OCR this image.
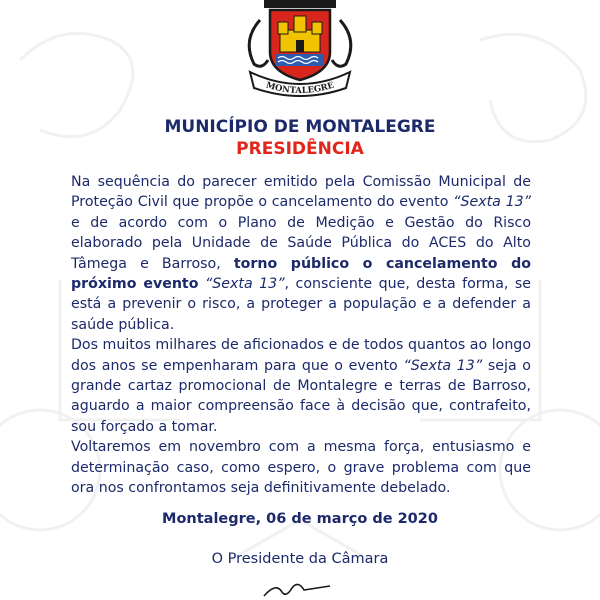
MONTALEGRE
MUNICÍPIO DE MONTALEGRE
PRESIDÊNCIA

Na sequência do parecer emitido pela Comissão Municipal de Proteção Civil que propõe o cancelamento do evento “Sexta 13” e de acordo com o Plano de Medição e Gestão do Risco elaborado pela Unidade de Saúde Pública do ACES do Alto Tâmega e Barroso, torno público o cancelamento do próximo evento “Sexta 13”, consciente que, desta forma, se está a prevenir o risco, a proteger a população e a defender a saúde pública.

Dos muitos milhares de aficionados e de todos quantos ao longo dos anos se empenharam para que o evento “Sexta 13” seja o grande cartaz promocional de Montalegre e terras de Barroso, aguardo a maior compreensão face à decisão que, contrafeito, sou forçado a tomar.

Voltaremos em novembro com a mesma força, entusiasmo e determinação caso, como espero, o grave problema com que ora nos confrontamos seja definitivamente debelado.

Montalegre, 06 de março de 2020
O Presidente da Câmara
